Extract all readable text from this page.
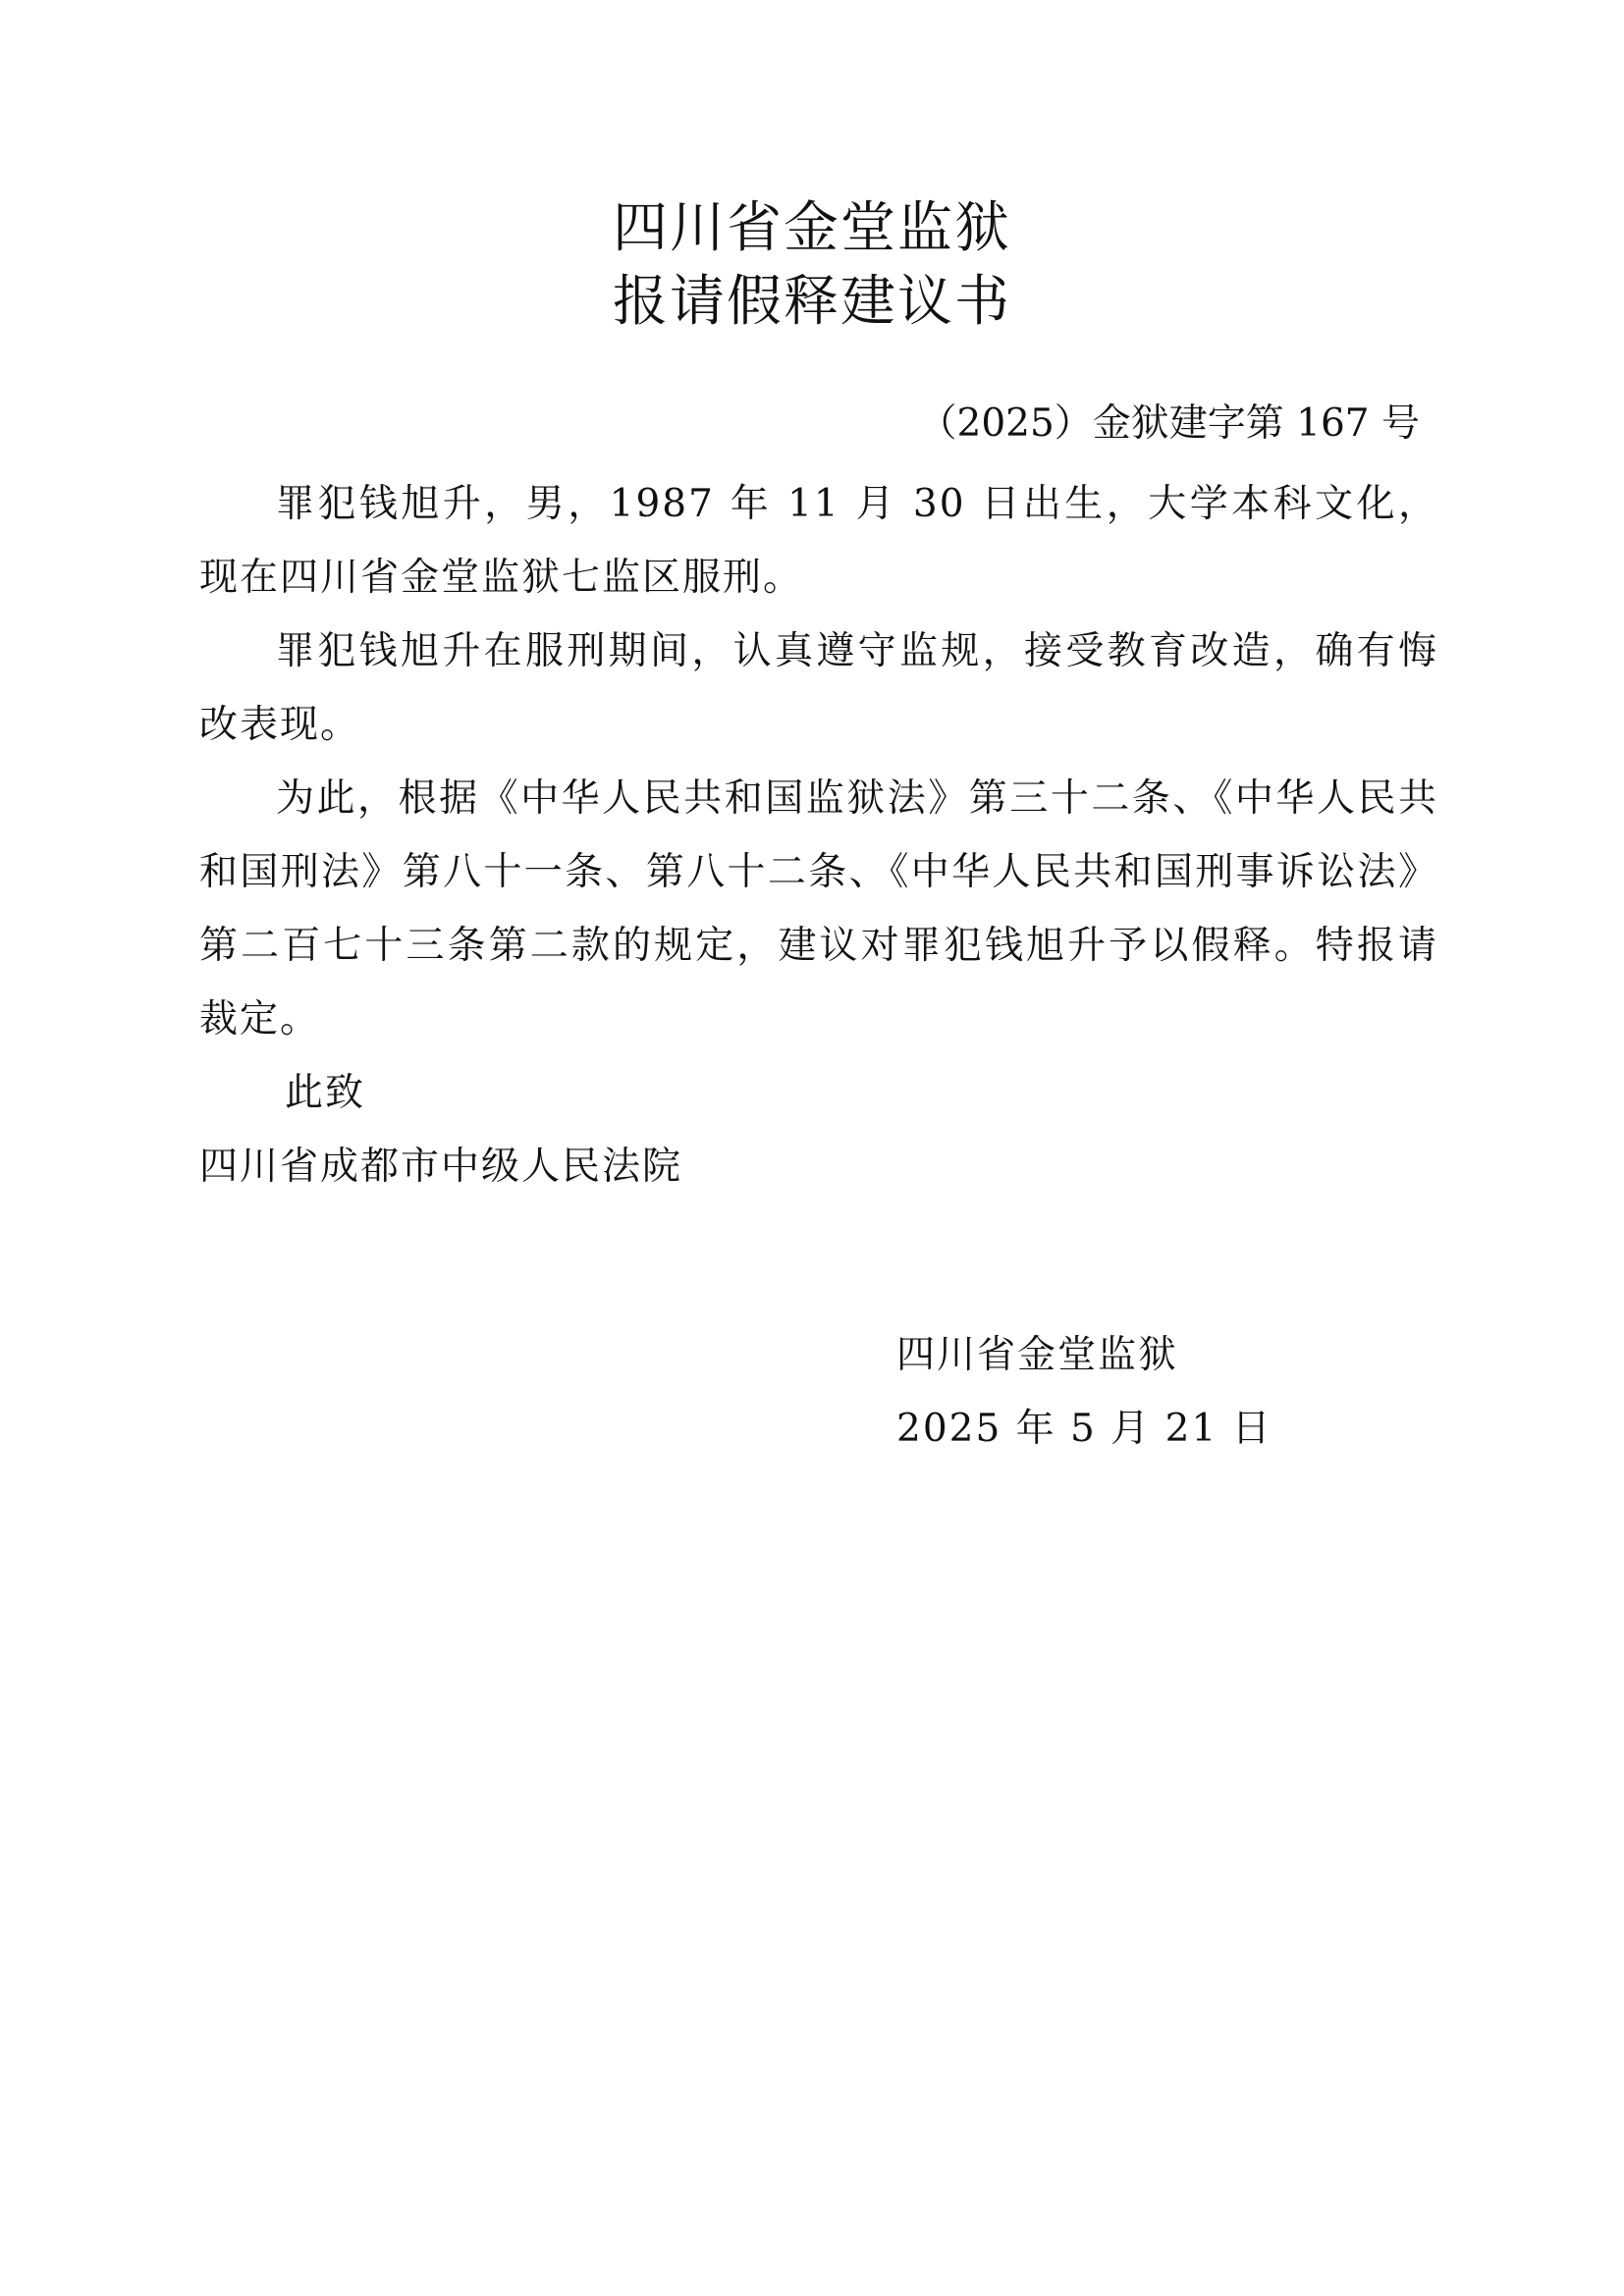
四川省金堂监狱
报请假释建议书
（2025）金狱建字第 167 号

罪犯钱旭升，男，1987 年 11 月 30 日出生，大学本科文化，现在四川省金堂监狱七监区服刑。

罪犯钱旭升在服刑期间，认真遵守监规，接受教育改造，确有悔改表现。

为此，根据《中华人民共和国监狱法》第三十二条、《中华人民共和国刑法》第八十一条、第八十二条、《中华人民共和国刑事诉讼法》第二百七十三条第二款的规定，建议对罪犯钱旭升予以假释。特报请裁定。

此致
四川省成都市中级人民法院
四川省金堂监狱
2025 年 5 月 21 日
